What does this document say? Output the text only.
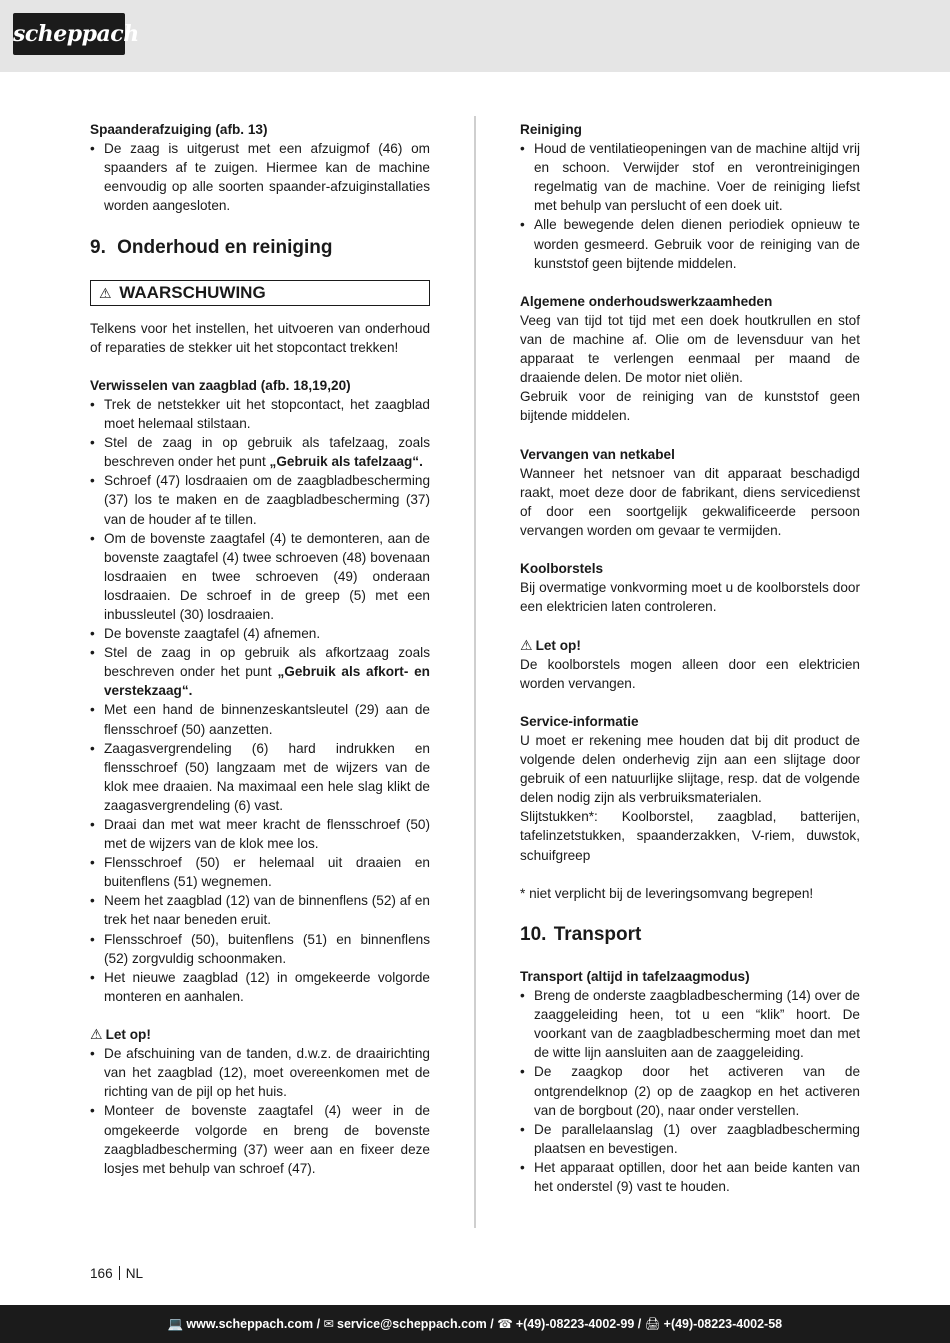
scheppach
Spaanderafzuiging (afb. 13)
• De zaag is uitgerust met een afzuigmof (46) om spaanders af te zuigen. Hiermee kan de machine eenvoudig op alle soorten spaander-afzuiginstallaties worden aangesloten.
9. Onderhoud en reiniging
⚠ WAARSCHUWING

Telkens voor het instellen, het uitvoeren van onderhoud of reparaties de stekker uit het stopcontact trekken!

Verwisselen van zaagblad (afb. 18,19,20)
• Trek de netstekker uit het stopcontact, het zaagblad moet helemaal stilstaan.
• Stel de zaag in op gebruik als tafelzaag, zoals beschreven onder het punt „Gebruik als tafelzaag“.
• Schroef (47) losdraaien om de zaagbladbescherming (37) los te maken en de zaagbladbescherming (37) van de houder af te tillen.
• Om de bovenste zaagtafel (4) te demonteren, aan de bovenste zaagtafel (4) twee schroeven (48) bovenaan losdraaien en twee schroeven (49) onderaan losdraaien. De schroef in de greep (5) met een inbussleutel (30) losdraaien.
• De bovenste zaagtafel (4) afnemen.
• Stel de zaag in op gebruik als afkortzaag zoals beschreven onder het punt „Gebruik als afkort- en verstekzaag“.
• Met een hand de binnenzeskantsleutel (29) aan de flensschroef (50) aanzetten.
• Zaagasvergrendeling (6) hard indrukken en flensschroef (50) langzaam met de wijzers van de klok mee draaien. Na maximaal een hele slag klikt de zaagasvergrendeling (6) vast.
• Draai dan met wat meer kracht de flensschroef (50) met de wijzers van de klok mee los.
• Flensschroef (50) er helemaal uit draaien en buitenflens (51) wegnemen.
• Neem het zaagblad (12) van de binnenflens (52) af en trek het naar beneden eruit.
• Flensschroef (50), buitenflens (51) en binnenflens (52) zorgvuldig schoonmaken.
• Het nieuwe zaagblad (12) in omgekeerde volgorde monteren en aanhalen.
⚠ Let op!
• De afschuining van de tanden, d.w.z. de draairichting van het zaagblad (12), moet overeenkomen met de richting van de pijl op het huis.
• Monteer de bovenste zaagtafel (4) weer in de omgekeerde volgorde en breng de bovenste zaagbladbescherming (37) weer aan en fixeer deze losjes met behulp van schroef (47).
Reiniging
• Houd de ventilatieopeningen van de machine altijd vrij en schoon. Verwijder stof en verontreinigingen regelmatig van de machine. Voer de reiniging liefst met behulp van perslucht of een doek uit.
• Alle bewegende delen dienen periodiek opnieuw te worden gesmeerd. Gebruik voor de reiniging van de kunststof geen bijtende middelen.
Algemene onderhoudswerkzaamheden

Veeg van tijd tot tijd met een doek houtkrullen en stof van de machine af. Olie om de levensduur van het apparaat te verlengen eenmaal per maand de draaiende delen. De motor niet oliën.

Gebruik voor de reiniging van de kunststof geen bijtende middelen.

Vervangen van netkabel

Wanneer het netsnoer van dit apparaat beschadigd raakt, moet deze door de fabrikant, diens servicedienst of door een soortgelijk gekwalificeerde persoon vervangen worden om gevaar te vermijden.

Koolborstels

Bij overmatige vonkvorming moet u de koolborstels door een elektricien laten controleren.

⚠ Let op!

De koolborstels mogen alleen door een elektricien worden vervangen.

Service-informatie

U moet er rekening mee houden dat bij dit product de volgende delen onderhevig zijn aan een slijtage door gebruik of een natuurlijke slijtage, resp. dat de volgende delen nodig zijn als verbruiksmaterialen.

Slijtstukken*: Koolborstel, zaagblad, batterijen, tafelinzetstukken, spaanderzakken, V-riem, duwstok, schuifgreep

* niet verplicht bij de leveringsomvang begrepen!

10. Transport
Transport (altijd in tafelzaagmodus)
• Breng de onderste zaagbladbescherming (14) over de zaaggeleiding heen, tot u een “klik” hoort. De voorkant van de zaagbladbescherming moet dan met de witte lijn aansluiten aan de zaaggeleiding.
• De zaagkop door het activeren van de ontgrendelknop (2) op de zaagkop en het activeren van de borgbout (20), naar onder verstellen.
• De parallelaanslag (1) over zaagbladbescherming plaatsen en bevestigen.
• Het apparaat optillen, door het aan beide kanten van het onderstel (9) vast te houden.
166 NL
💻 www.scheppach.com / ✉ service@scheppach.com / ☎ +(49)-08223-4002-99 / 🖨 +(49)-08223-4002-58
